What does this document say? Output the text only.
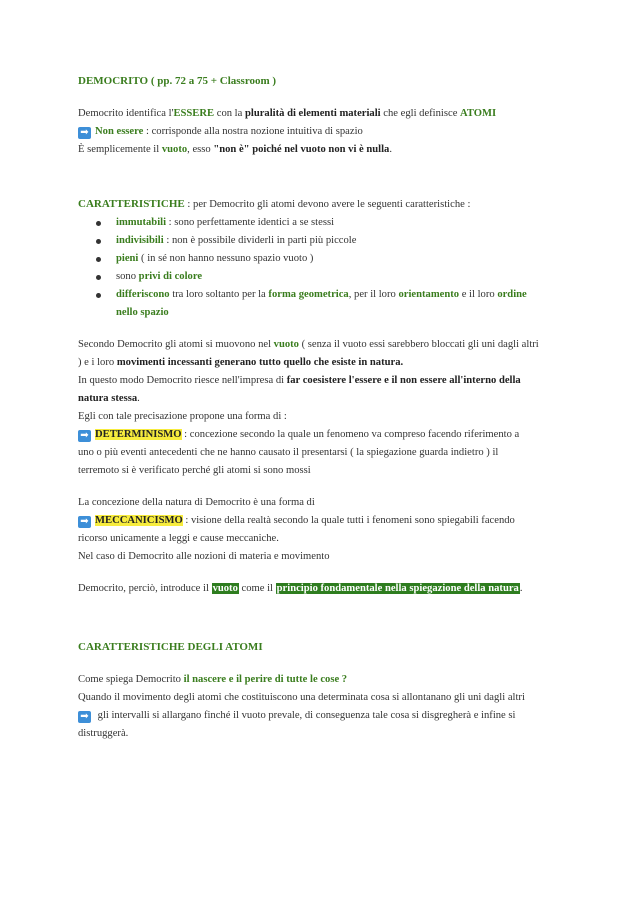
DEMOCRITO ( pp. 72 a 75 + Classroom )

Democrito identifica l'ESSERE con la pluralità di elementi materiali che egli definisce ATOMI

➡ Non essere : corrisponde alla nostra nozione intuitiva di spazio

È semplicemente il vuoto, esso "non è" poiché nel vuoto non vi è nulla.

CARATTERISTICHE : per Democrito gli atomi devono avere le seguenti caratteristiche :

immutabili : sono perfettamente identici a se stessi
indivisibili : non è possibile dividerli in parti più piccole
pieni ( in sé non hanno nessuno spazio vuoto )
sono privi di colore
differiscono tra loro soltanto per la forma geometrica, per il loro orientamento e il loro ordine
nello spazio

Secondo Democrito gli atomi si muovono nel vuoto ( senza il vuoto essi sarebbero bloccati gli uni dagli altri

) e i loro movimenti incessanti generano tutto quello che esiste in natura.

In questo modo Democrito riesce nell'impresa di far coesistere l'essere e il non essere all'interno della

natura stessa.

Egli con tale precisazione propone una forma di :

➡ DETERMINISMO : concezione secondo la quale un fenomeno va compreso facendo riferimento a

uno o più eventi antecedenti che ne hanno causato il presentarsi ( la spiegazione guarda indietro ) il

terremoto si è verificato perché gli atomi si sono mossi

La concezione della natura di Democrito è una forma di

➡ MECCANICISMO : visione della realtà secondo la quale tutti i fenomeni sono spiegabili facendo

ricorso unicamente a leggi e cause meccaniche.

Nel caso di Democrito alle nozioni di materia e movimento

Democrito, perciò, introduce il vuoto come il principio fondamentale nella spiegazione della natura.

CARATTERISTICHE DEGLI ATOMI

Come spiega Democrito il nascere e il perire di tutte le cose ?

Quando il movimento degli atomi che costituiscono una determinata cosa si allontanano gli uni dagli altri

➡ gli intervalli si allargano finché il vuoto prevale, di conseguenza tale cosa si disgregherà e infine si

distruggerà.
